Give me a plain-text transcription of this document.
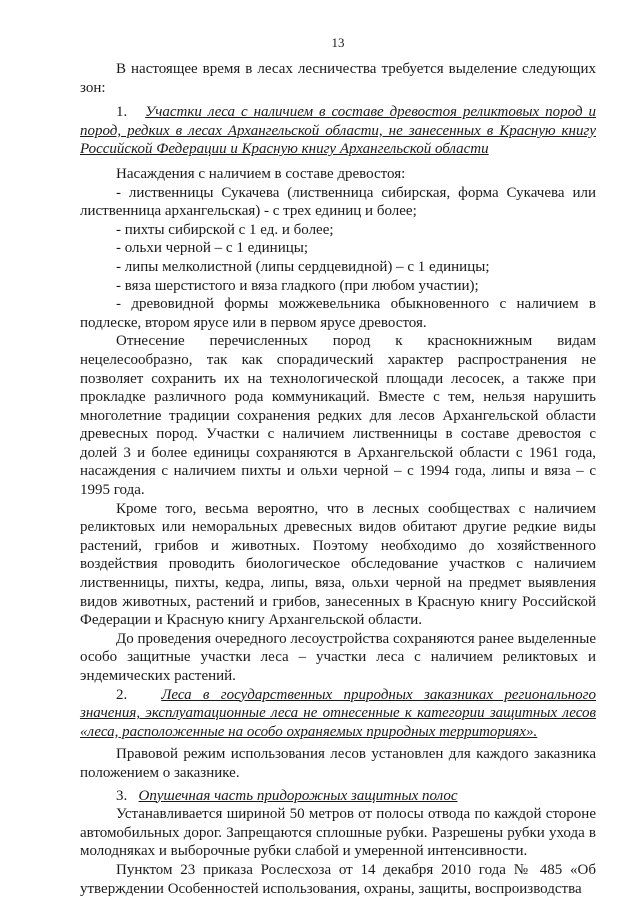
13

В настоящее время в лесах лесничества требуется выделение следующих зон:

1. Участки леса с наличием в составе древостоя реликтовых пород и пород, редких в лесах Архангельской области, не занесенных в Красную книгу Российской Федерации и Красную книгу Архангельской области

Насаждения с наличием в составе древостоя:

- лиственницы Сукачева (лиственница сибирская, форма Сукачева или лиственница архангельская) - с трех единиц и более;

- пихты сибирской с 1 ед. и более;

- ольхи черной – с 1 единицы;

- липы мелколистной (липы сердцевидной) – с 1 единицы;

- вяза шерстистого и вяза гладкого (при любом участии);

- древовидной формы можжевельника обыкновенного с наличием в подлеске, втором ярусе или в первом ярусе древостоя.

Отнесение перечисленных пород к краснокнижным видам нецелесообразно, так как спорадический характер распространения не позволяет сохранить их на технологической площади лесосек, а также при прокладке различного рода коммуникаций. Вместе с тем, нельзя нарушить многолетние традиции сохранения редких для лесов Архангельской области древесных пород. Участки с наличием лиственницы в составе древостоя с долей 3 и более единицы сохраняются в Архангельской области с 1961 года, насаждения с наличием пихты и ольхи черной – с 1994 года, липы и вяза – с 1995 года.

Кроме того, весьма вероятно, что в лесных сообществах с наличием реликтовых или неморальных древесных видов обитают другие редкие виды растений, грибов и животных. Поэтому необходимо до хозяйственного воздействия проводить биологическое обследование участков с наличием лиственницы, пихты, кедра, липы, вяза, ольхи черной на предмет выявления видов животных, растений и грибов, занесенных в Красную книгу Российской Федерации и Красную книгу Архангельской области.

До проведения очередного лесоустройства сохраняются ранее выделенные особо защитные участки леса – участки леса с наличием реликтовых и эндемических растений.

2. Леса в государственных природных заказниках регионального значения, эксплуатационные леса не отнесенные к категории защитных лесов «леса, расположенные на особо охраняемых природных территориях».

Правовой режим использования лесов установлен для каждого заказника положением о заказнике.

3. Опушечная часть придорожных защитных полос

Устанавливается шириной 50 метров от полосы отвода по каждой стороне автомобильных дорог. Запрещаются сплошные рубки. Разрешены рубки ухода в молодняках и выборочные рубки слабой и умеренной интенсивности.

Пунктом 23 приказа Рослесхоза от 14 декабря 2010 года № 485 «Об утверждении Особенностей использования, охраны, защиты, воспроизводства
